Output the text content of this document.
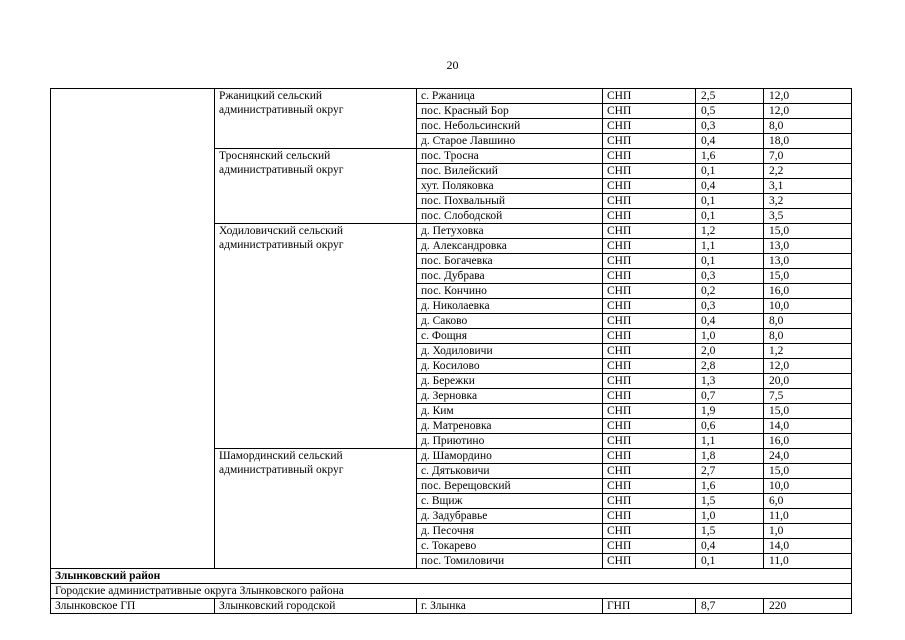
20
	Ржаницкий сельский административный округ	с. Ржаница	СНП	2,5	12,0
		пос. Красный Бор	СНП	0,5	12,0
		пос. Небольсинский	СНП	0,3	8,0
		д. Старое Лавшино	СНП	0,4	18,0
	Троснянский сельский административный округ	пос. Тросна	СНП	1,6	7,0
		пос. Вилейский	СНП	0,1	2,2
		хут. Поляковка	СНП	0,4	3,1
		пос. Похвальный	СНП	0,1	3,2
		пос. Слободской	СНП	0,1	3,5
	Ходиловичский сельский административный округ	д. Петуховка	СНП	1,2	15,0
		д. Александровка	СНП	1,1	13,0
		пос. Богачевка	СНП	0,1	13,0
		пос. Дубрава	СНП	0,3	15,0
		пос. Кончино	СНП	0,2	16,0
		д. Николаевка	СНП	0,3	10,0
		д. Саково	СНП	0,4	8,0
		с. Фощня	СНП	1,0	8,0
		д. Ходиловичи	СНП	2,0	1,2
		д. Косилово	СНП	2,8	12,0
		д. Бережки	СНП	1,3	20,0
		д. Зерновка	СНП	0,7	7,5
		д. Ким	СНП	1,9	15,0
		д. Матреновка	СНП	0,6	14,0
		д. Приютино	СНП	1,1	16,0
	Шамординский сельский административный округ	д. Шамордино	СНП	1,8	24,0
		с. Дятьковичи	СНП	2,7	15,0
		пос. Верещовский	СНП	1,6	10,0
		с. Вщиж	СНП	1,5	6,0
		д. Задубравье	СНП	1,0	11,0
		д. Песочня	СНП	1,5	1,0
		с. Токарево	СНП	0,4	14,0
		пос. Томиловичи	СНП	0,1	11,0
Злынковский район					
Городские административные округа Злынковского района					
Злынковское ГП	Злынковский городской	г. Злынка	ГНП	8,7	220
